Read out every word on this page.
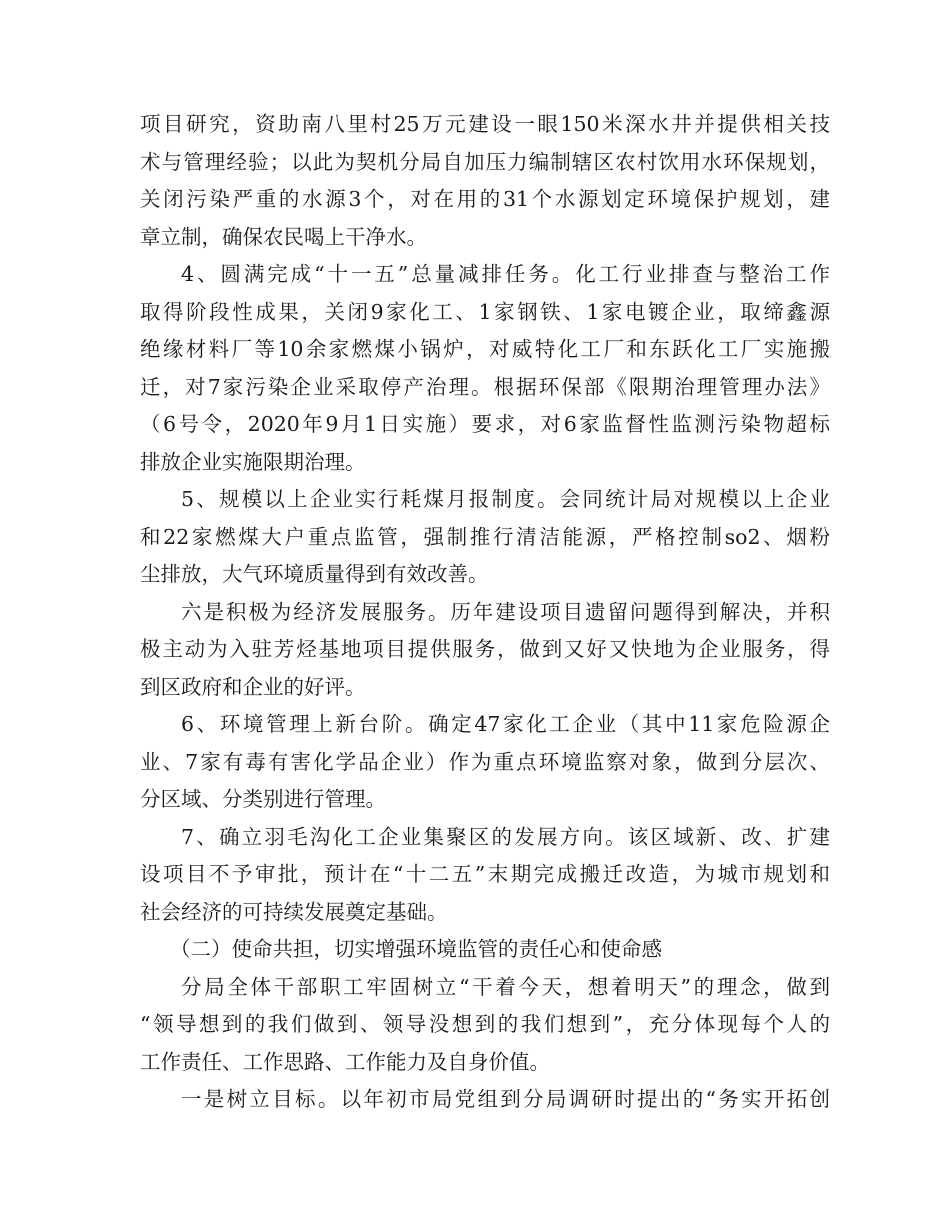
项目研究，资助南八里村25万元建设一眼150米深水井并提供相关技
术与管理经验；以此为契机分局自加压力编制辖区农村饮用水环保规划，
关闭污染严重的水源3个，对在用的31个水源划定环境保护规划，建
章立制，确保农民喝上干净水。
4、圆满完成“十一五”总量减排任务。化工行业排查与整治工作
取得阶段性成果，关闭9家化工、1家钢铁、1家电镀企业，取缔鑫源
绝缘材料厂等10余家燃煤小锅炉，对威特化工厂和东跃化工厂实施搬
迁，对7家污染企业采取停产治理。根据环保部《限期治理管理办法》
（6号令，2020年9月1日实施）要求，对6家监督性监测污染物超标
排放企业实施限期治理。
5、规模以上企业实行耗煤月报制度。会同统计局对规模以上企业
和22家燃煤大户重点监管，强制推行清洁能源，严格控制so2、烟粉
尘排放，大气环境质量得到有效改善。
六是积极为经济发展服务。历年建设项目遗留问题得到解决，并积
极主动为入驻芳烃基地项目提供服务，做到又好又快地为企业服务，得
到区政府和企业的好评。
6、环境管理上新台阶。确定47家化工企业（其中11家危险源企
业、7家有毒有害化学品企业）作为重点环境监察对象，做到分层次、
分区域、分类别进行管理。
7、确立羽毛沟化工企业集聚区的发展方向。该区域新、改、扩建
设项目不予审批，预计在“十二五”末期完成搬迁改造，为城市规划和
社会经济的可持续发展奠定基础。
（二）使命共担，切实增强环境监管的责任心和使命感
分局全体干部职工牢固树立“干着今天，想着明天”的理念，做到
“领导想到的我们做到、领导没想到的我们想到”，充分体现每个人的
工作责任、工作思路、工作能力及自身价值。
一是树立目标。以年初市局党组到分局调研时提出的“务实开拓创
